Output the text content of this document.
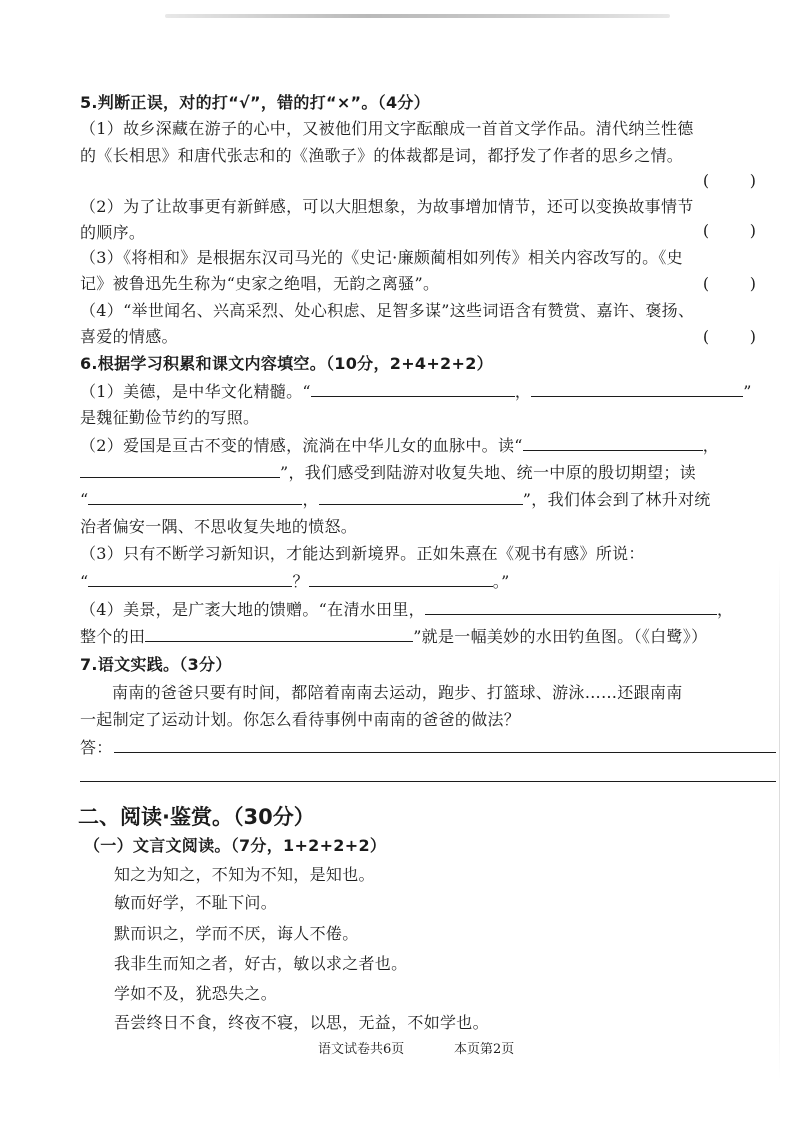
5.判断正误，对的打“√”，错的打“×”。（4分）
（1）故乡深藏在游子的心中，又被他们用文字酝酿成一首首文学作品。清代纳兰性德
的《长相思》和唐代张志和的《渔歌子》的体裁都是词，都抒发了作者的思乡之情。
(        )
（2）为了让故事更有新鲜感，可以大胆想象，为故事增加情节，还可以变换故事情节
的顺序。	(        )
（3）《将相和》是根据东汉司马光的《史记·廉颇蔺相如列传》相关内容改写的。《史
记》被鲁迅先生称为“史家之绝唱，无韵之离骚”。	(        )
（4）“举世闻名、兴高采烈、处心积虑、足智多谋”这些词语含有赞赏、嘉许、褒扬、
喜爱的情感。	(        )
6.根据学习积累和课文内容填空。（10分，2+4+2+2）
（1）美德，是中华文化精髓。“	，	”
是魏征勤俭节约的写照。
（2）爱国是亘古不变的情感，流淌在中华儿女的血脉中。读“	，
”，我们感受到陆游对收复失地、统一中原的殷切期望；读
“	，	”，我们体会到了林升对统
治者偏安一隅、不思收复失地的愤怒。
（3）只有不断学习新知识，才能达到新境界。正如朱熹在《观书有感》所说：
“	？	。”
（4）美景，是广袤大地的馈赠。“在清水田里，	，
整个的田	”就是一幅美妙的水田钓鱼图。（《白鹭》）
7.语文实践。（3分）
南南的爸爸只要有时间，都陪着南南去运动，跑步、打篮球、游泳……还跟南南
一起制定了运动计划。你怎么看待事例中南南的爸爸的做法？
答：
二、阅读·鉴赏。（30分）
（一）文言文阅读。（7分，1+2+2+2）
知之为知之，不知为不知，是知也。
敏而好学，不耻下问。
默而识之，学而不厌，诲人不倦。
我非生而知之者，好古，敏以求之者也。
学如不及，犹恐失之。
吾尝终日不食，终夜不寝，以思，无益，不如学也。
语文试卷共6页	本页第2页
